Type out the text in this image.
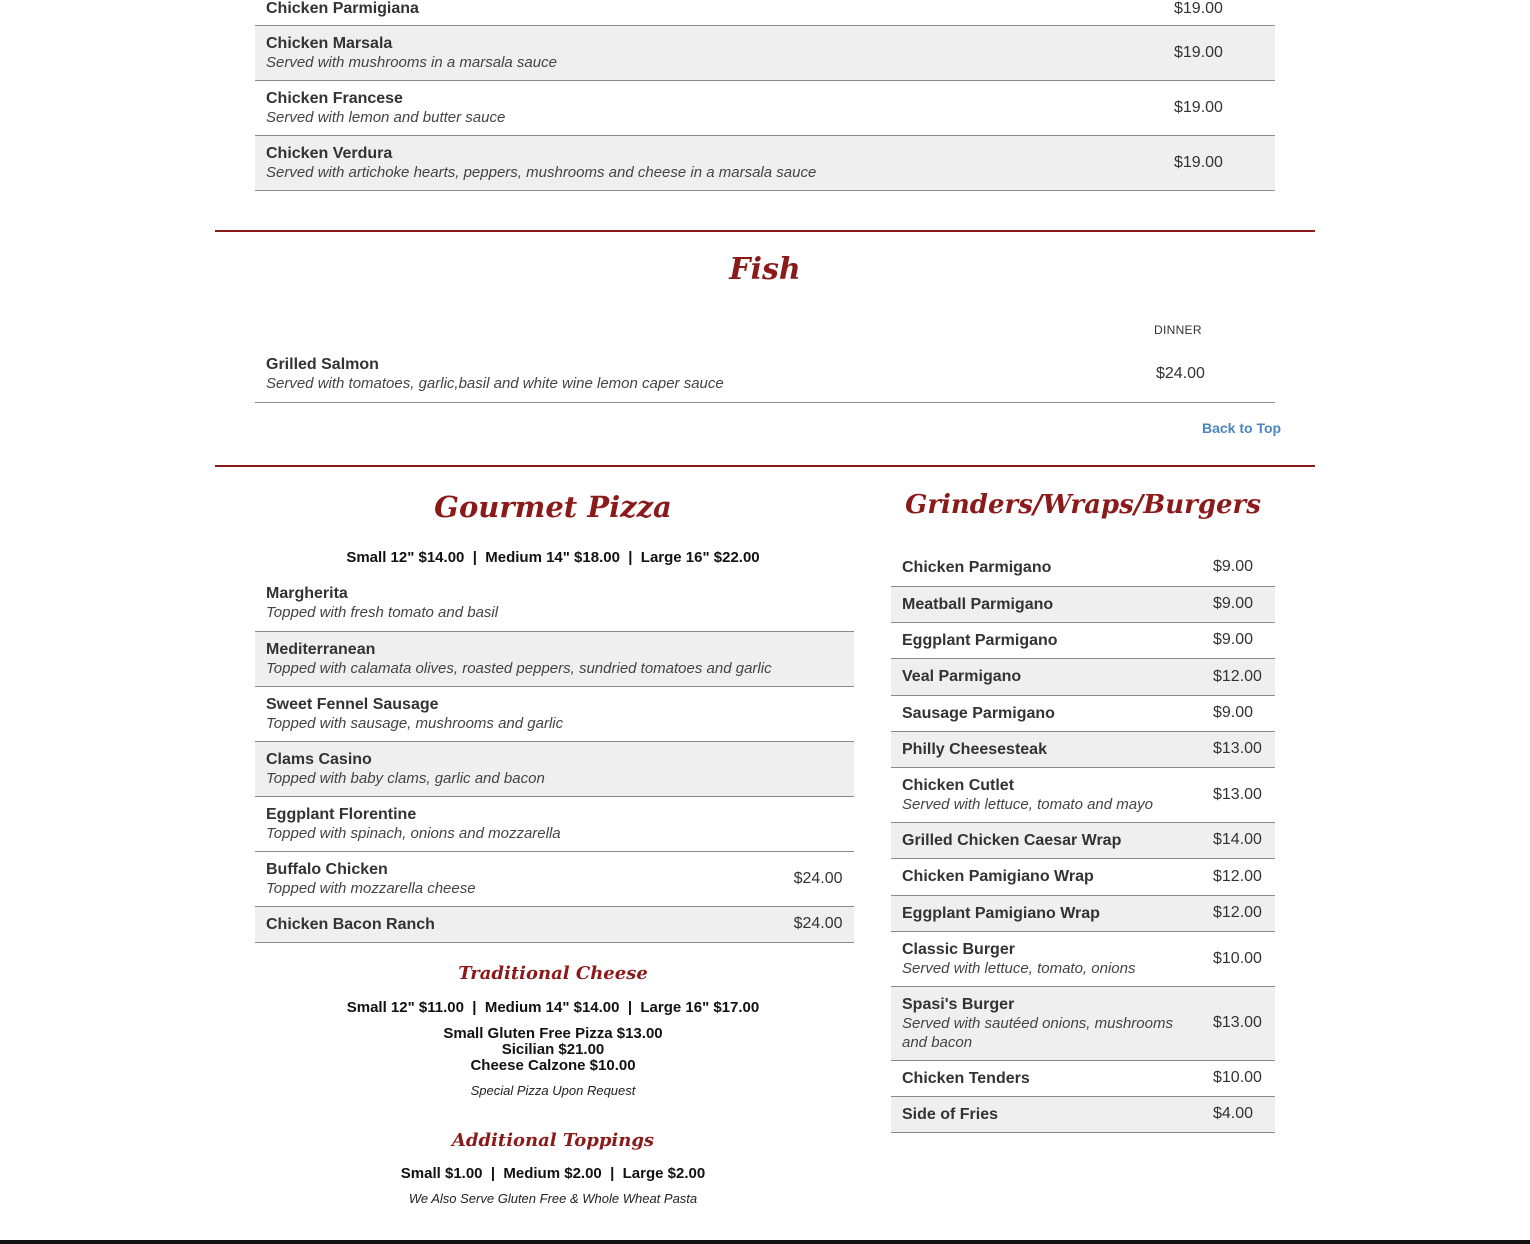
Chicken Parmigiana	$19.00

Chicken Marsala
Served with mushrooms in a marsala sauce	$19.00

Chicken Francese
Served with lemon and butter sauce	$19.00

Chicken Verdura
Served with artichoke hearts, peppers, mushrooms and cheese in a marsala sauce	$19.00
Fish
DINNER
Grilled Salmon
Served with tomatoes, garlic,basil and white wine lemon caper sauce
	$24.00
Back to Top
Gourmet Pizza
Small 12" $14.00  |  Medium 14" $18.00  |  Large 16" $22.00
Margherita
Topped with fresh tomato and basil	

Mediterranean
Topped with calamata olives, roasted peppers, sundried tomatoes and garlic	

Sweet Fennel Sausage
Topped with sausage, mushrooms and garlic	

Clams Casino
Topped with baby clams, garlic and bacon	

Eggplant Florentine
Topped with spinach, onions and mozzarella	

Buffalo Chicken
Topped with mozzarella cheese	$24.00

Chicken Bacon Ranch	$24.00
Traditional Cheese
Small 12" $11.00  |  Medium 14" $14.00  |  Large 16" $17.00
Small Gluten Free Pizza $13.00
Sicilian $21.00
Cheese Calzone $10.00
Special Pizza Upon Request
Additional Toppings
Small $1.00  |  Medium $2.00  |  Large $2.00
We Also Serve Gluten Free & Whole Wheat Pasta
Grinders/Wraps/Burgers
Chicken Parmigano	$9.00

Meatball Parmigano	$9.00

Eggplant Parmigano	$9.00

Veal Parmigano	$12.00

Sausage Parmigano	$9.00

Philly Cheesesteak	$13.00

Chicken Cutlet
Served with lettuce, tomato and mayo	$13.00

Grilled Chicken Caesar Wrap	$14.00

Chicken Pamigiano Wrap	$12.00

Eggplant Pamigiano Wrap	$12.00

Classic Burger
Served with lettuce, tomato, onions	$10.00

Spasi's Burger
Served with sautéed onions, mushrooms and bacon	$13.00

Chicken Tenders	$10.00

Side of Fries	$4.00
